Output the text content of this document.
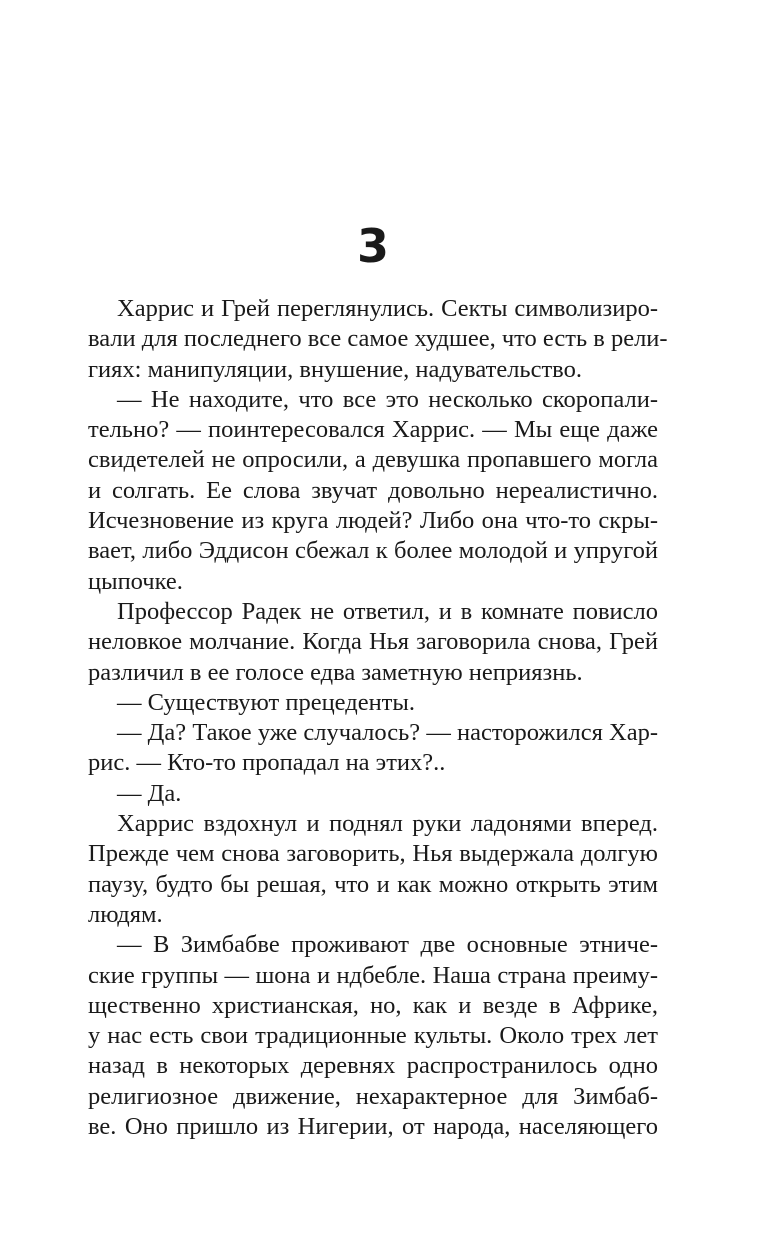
3
Харрис и Грей переглянулись. Секты символизиро-
вали для последнего все самое худшее, что есть в рели-
гиях: манипуляции, внушение, надувательство.
— Не находите, что все это несколько скоропали-
тельно? — поинтересовался Харрис. — Мы еще даже
свидетелей не опросили, а девушка пропавшего могла
и солгать. Ее слова звучат довольно нереалистично.
Исчезновение из круга людей? Либо она что-то скры-
вает, либо Эддисон сбежал к более молодой и упругой
цыпочке.
Профессор Радек не ответил, и в комнате повисло
неловкое молчание. Когда Нья заговорила снова, Грей
различил в ее голосе едва заметную неприязнь.
— Существуют прецеденты.
— Да? Такое уже случалось? — насторожился Хар-
рис. — Кто-то пропадал на этих?..
— Да.
Харрис вздохнул и поднял руки ладонями вперед.
Прежде чем снова заговорить, Нья выдержала долгую
паузу, будто бы решая, что и как можно открыть этим
людям.
— В Зимбабве проживают две основные этниче-
ские группы — шона и ндбебле. Наша страна преиму-
щественно христианская, но, как и везде в Африке,
у нас есть свои традиционные культы. Около трех лет
назад в некоторых деревнях распространилось одно
религиозное движение, нехарактерное для Зимбаб-
ве. Оно пришло из Нигерии, от народа, населяющего
